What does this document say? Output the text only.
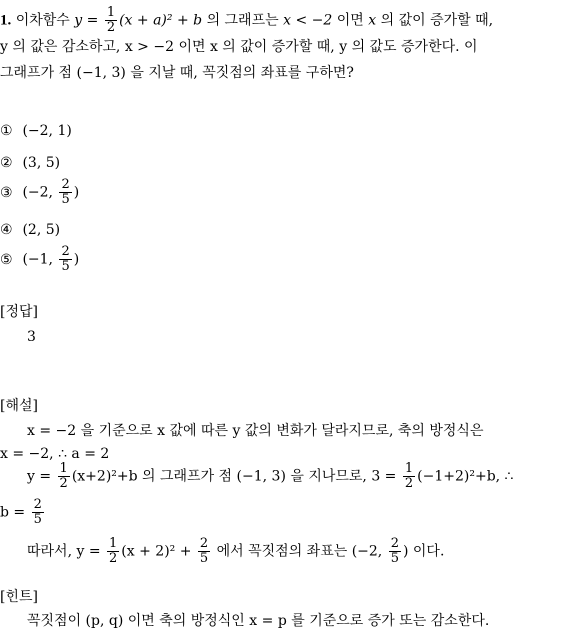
1. 이차함수 $y = \frac{1}{2} (x + a)^2 + b$ 의 그래프는 x < −2 이면 x 의 값이 증가할 때,
y 의 값은 감소하고, x > −2 이면 x 의 값이 증가할 때, y 의 값도 증가한다. 이
그래프가 점 (−1, 3) 을 지날 때, 꼭짓점의 좌표를 구하면?
① (−2, 1)
② (3, 5)
③ (−2, $\frac{2}{5}$ )
④ (2, 5)
⑤ (−1, $\frac{2}{5}$ )
[정답]
3
[해설]
x = −2 을 기준으로 x 값에 따른 y 값의 변화가 달라지므로, 축의 방정식은
x = −2, ∴ a = 2
$y = \frac{1}{2} (x+2)^2+b$ 의 그래프가 점 (−1, 3) 을 지나므로, $3 = \frac{1}{2} (-1+2)^2+b$, ∴
$b = \frac{2}{5}$
따라서, $y = \frac{1}{2} (x + 2)^2 + \frac{2}{5}$ 에서 꼭짓점의 좌표는 (−2, $\frac{2}{5}$ ) 이다.
[힌트]
꼭짓점이 (p, q) 이면 축의 방정식인 x = p 를 기준으로 증가 또는 감소한다.
